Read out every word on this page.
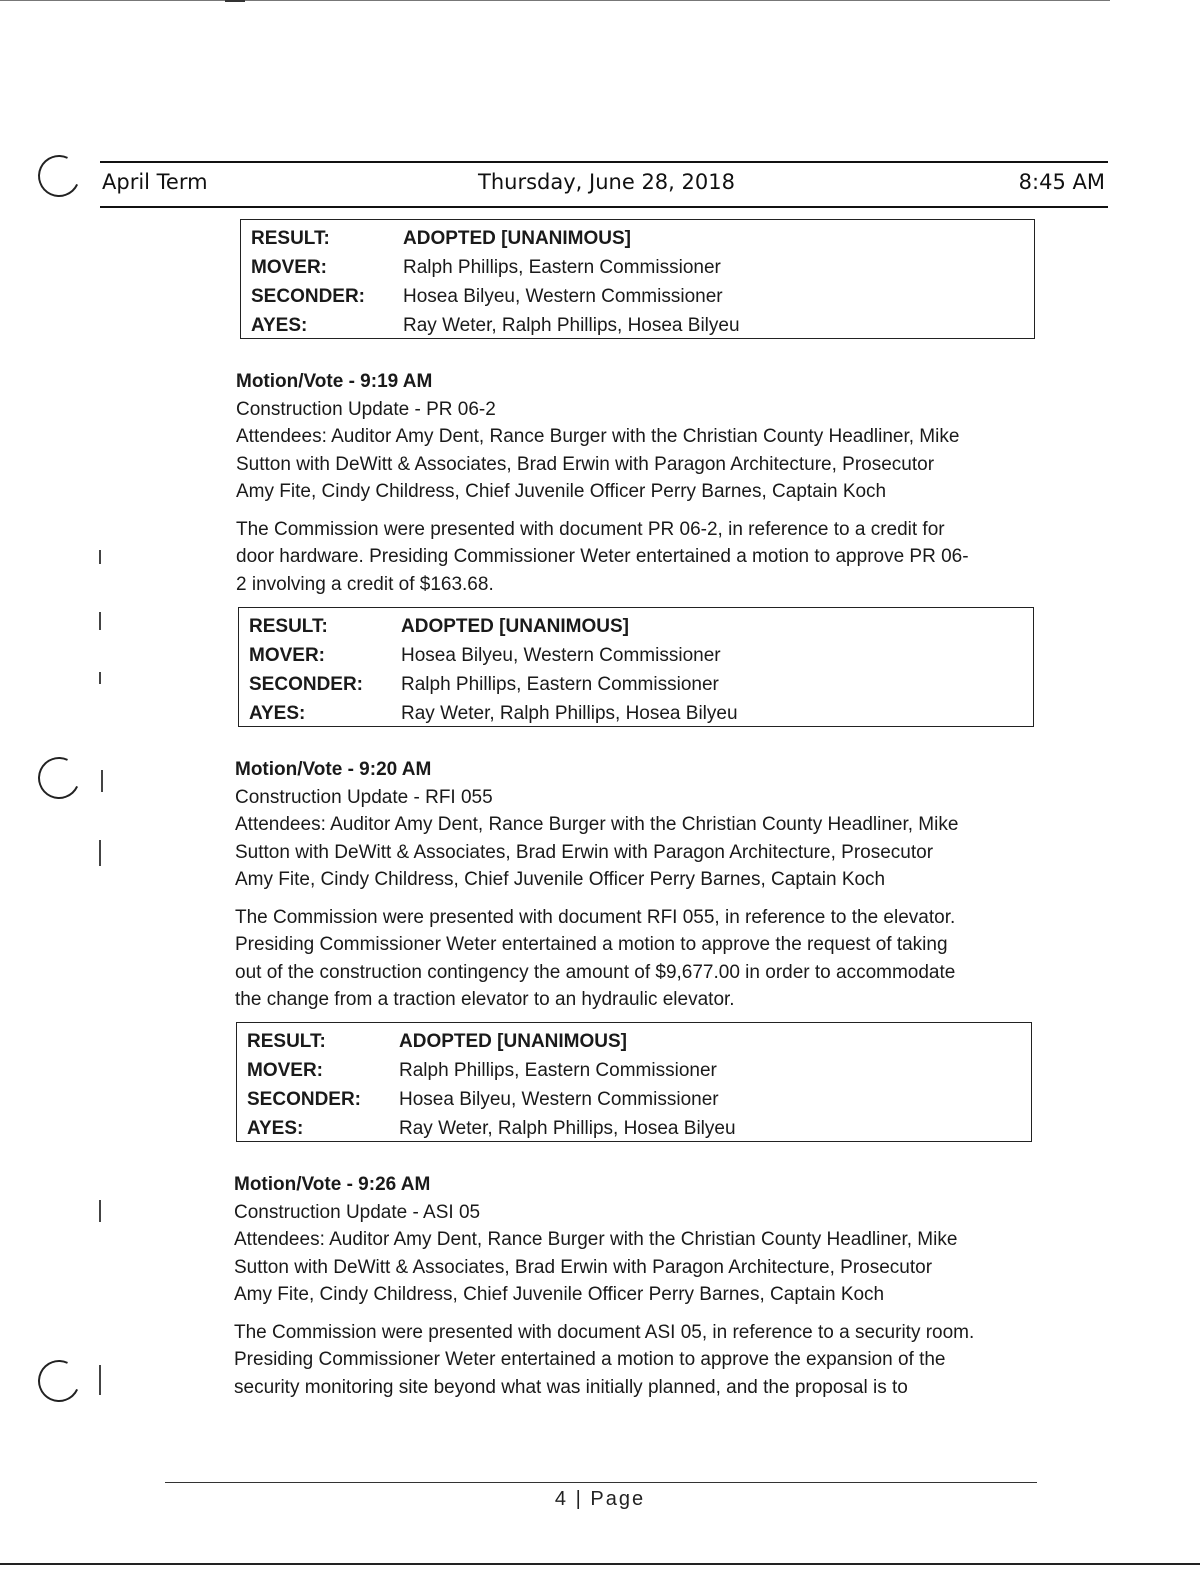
April Term	Thursday, June 28, 2018	8:45 AM
RESULT:	ADOPTED [UNANIMOUS]
MOVER:	Ralph Phillips, Eastern Commissioner
SECONDER:	Hosea Bilyeu, Western Commissioner
AYES:	Ray Weter, Ralph Phillips, Hosea Bilyeu
Motion/Vote - 9:19 AM
Construction Update - PR 06-2
Attendees: Auditor Amy Dent, Rance Burger with the Christian County Headliner, Mike
Sutton with DeWitt & Associates, Brad Erwin with Paragon Architecture, Prosecutor
Amy Fite, Cindy Childress, Chief Juvenile Officer Perry Barnes, Captain Koch
The Commission were presented with document PR 06-2, in reference to a credit for
door hardware. Presiding Commissioner Weter entertained a motion to approve PR 06-
2 involving a credit of $163.68.
RESULT:	ADOPTED [UNANIMOUS]
MOVER:	Hosea Bilyeu, Western Commissioner
SECONDER:	Ralph Phillips, Eastern Commissioner
AYES:	Ray Weter, Ralph Phillips, Hosea Bilyeu
Motion/Vote - 9:20 AM
Construction Update - RFI 055
Attendees: Auditor Amy Dent, Rance Burger with the Christian County Headliner, Mike
Sutton with DeWitt & Associates, Brad Erwin with Paragon Architecture, Prosecutor
Amy Fite, Cindy Childress, Chief Juvenile Officer Perry Barnes, Captain Koch
The Commission were presented with document RFI 055, in reference to the elevator.
Presiding Commissioner Weter entertained a motion to approve the request of taking
out of the construction contingency the amount of $9,677.00 in order to accommodate
the change from a traction elevator to an hydraulic elevator.
RESULT:	ADOPTED [UNANIMOUS]
MOVER:	Ralph Phillips, Eastern Commissioner
SECONDER:	Hosea Bilyeu, Western Commissioner
AYES:	Ray Weter, Ralph Phillips, Hosea Bilyeu
Motion/Vote - 9:26 AM
Construction Update - ASI 05
Attendees: Auditor Amy Dent, Rance Burger with the Christian County Headliner, Mike
Sutton with DeWitt & Associates, Brad Erwin with Paragon Architecture, Prosecutor
Amy Fite, Cindy Childress, Chief Juvenile Officer Perry Barnes, Captain Koch
The Commission were presented with document ASI 05, in reference to a security room.
Presiding Commissioner Weter entertained a motion to approve the expansion of the
security monitoring site beyond what was initially planned, and the proposal is to
4 | Page
